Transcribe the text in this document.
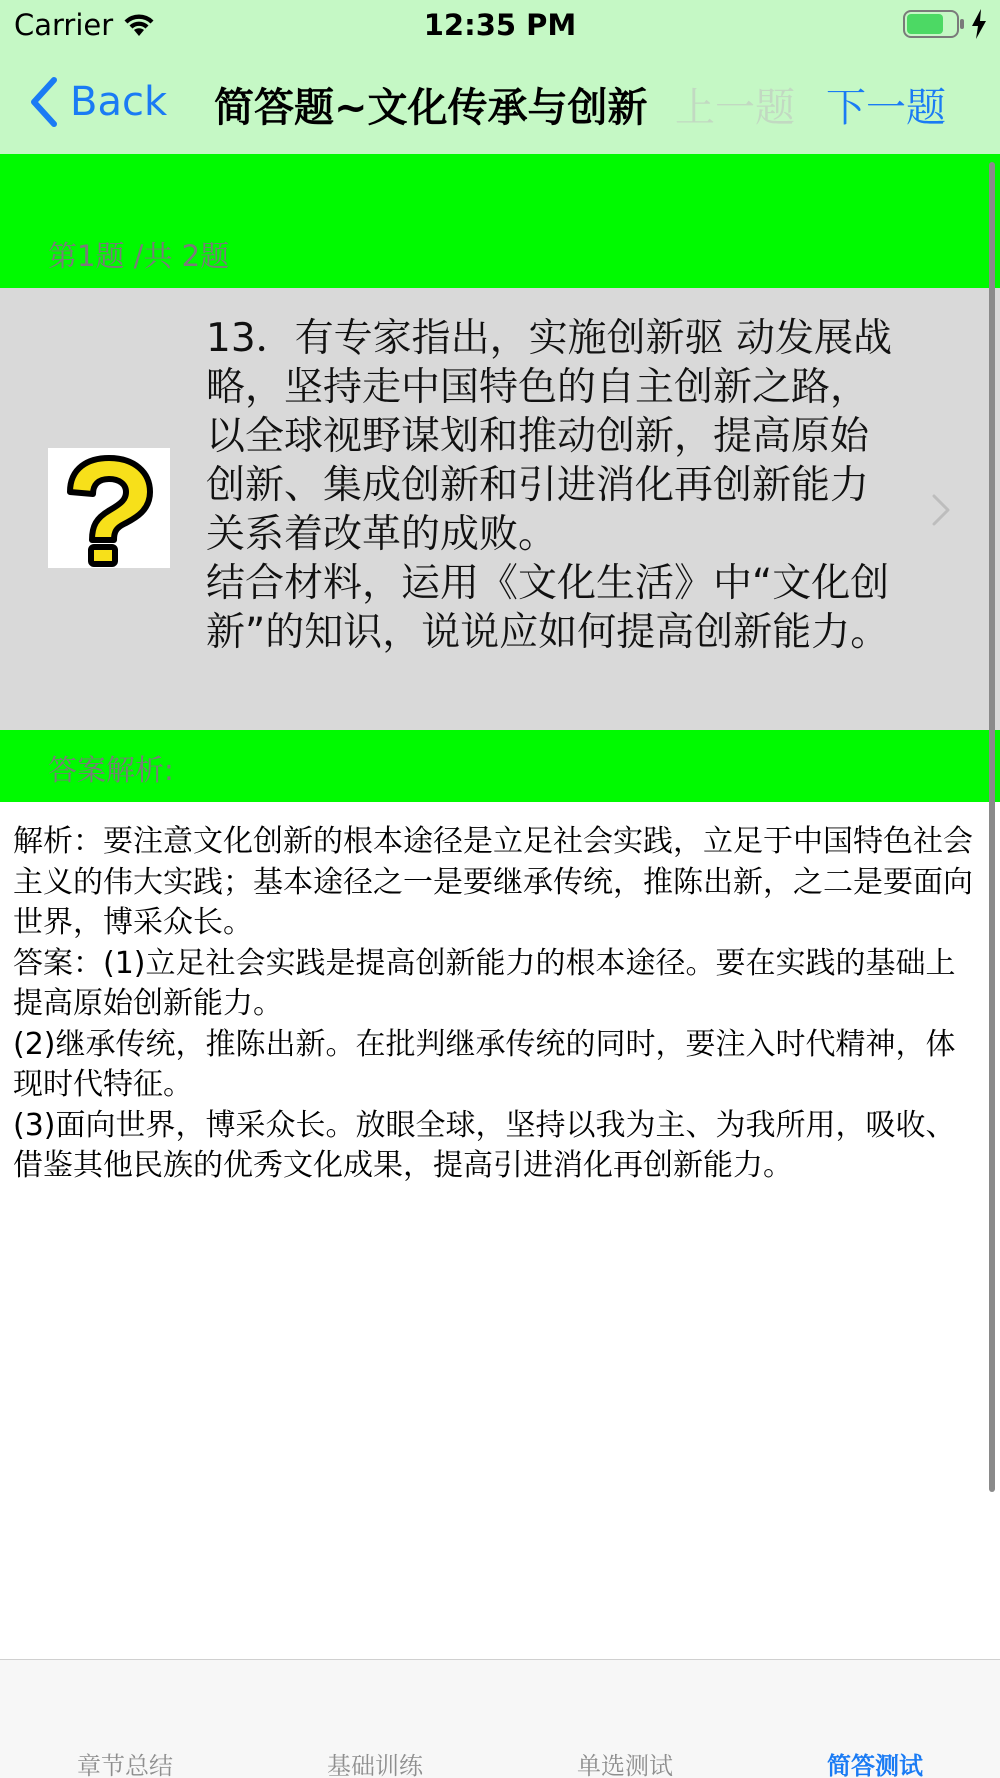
Carrier	12:35 PM
Back 简答题~文化传承与创新 上一题 下一题
第1题 /共 2题
13．有专家指出，实施创新驱 动发展战略，坚持走中国特色的自主创新之路，以全球视野谋划和推动创新，提高原始创新、集成创新和引进消化再创新能力关系着改革的成败。
结合材料，运用《文化生活》中“文化创新”的知识，说说应如何提高创新能力。
答案解析:
解析：要注意文化创新的根本途径是立足社会实践，立足于中国特色社会主义的伟大实践；基本途径之一是要继承传统，推陈出新，之二是要面向世界，博采众长。
答案：(1)立足社会实践是提高创新能力的根本途径。要在实践的基础上提高原始创新能力。
(2)继承传统，推陈出新。在批判继承传统的同时，要注入时代精神，体现时代特征。
(3)面向世界，博采众长。放眼全球，坚持以我为主、为我所用，吸收、借鉴其他民族的优秀文化成果，提高引进消化再创新能力。
章节总结	基础训练	单选测试	简答测试
